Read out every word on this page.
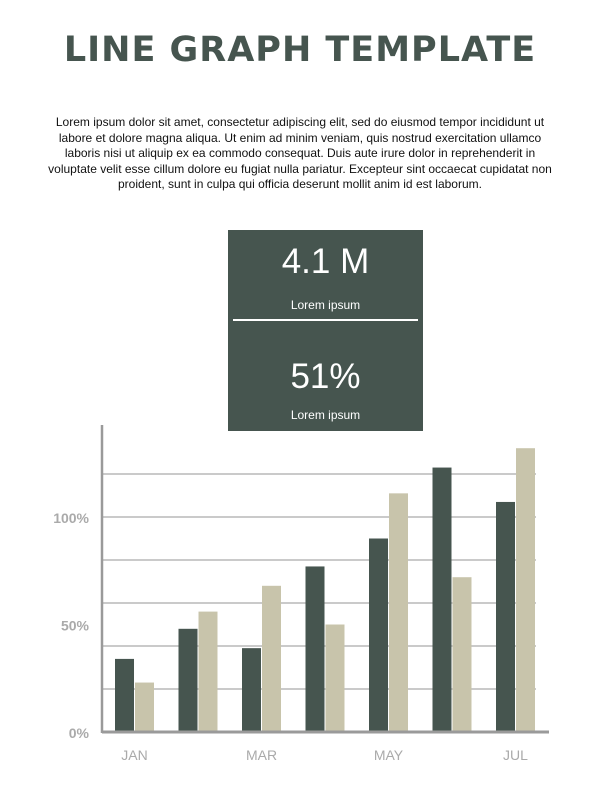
LINE GRAPH TEMPLATE
Lorem ipsum dolor sit amet, consectetur adipiscing elit, sed do eiusmod tempor incididunt ut labore et dolore magna aliqua. Ut enim ad minim veniam, quis nostrud exercitation ullamco laboris nisi ut aliquip ex ea commodo consequat. Duis aute irure dolor in reprehenderit in voluptate velit esse cillum dolore eu fugiat nulla pariatur. Excepteur sint occaecat cupidatat non proident, sunt in culpa qui officia deserunt mollit anim id est laborum.
0%
50%
100%
JAN	MAR	MAY	JUL
4.1 M
Lorem ipsum
51%
Lorem ipsum
